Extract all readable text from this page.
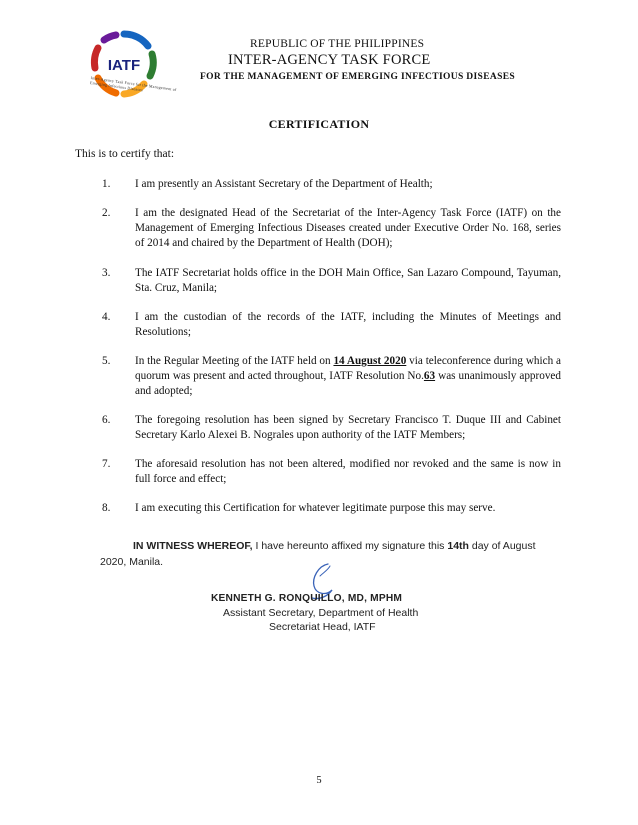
IATF
Inter-Agency Task Force for the Management of Emerging Infectious Diseases
REPUBLIC OF THE PHILIPPINES
INTER-AGENCY TASK FORCE
FOR THE MANAGEMENT OF EMERGING INFECTIOUS DISEASES
CERTIFICATION
This is to certify that:
1. I am presently an Assistant Secretary of the Department of Health;
2. I am the designated Head of the Secretariat of the Inter-Agency Task Force (IATF) on the Management of Emerging Infectious Diseases created under Executive Order No. 168, series of 2014 and chaired by the Department of Health (DOH);
3. The IATF Secretariat holds office in the DOH Main Office, San Lazaro Compound, Tayuman, Sta. Cruz, Manila;
4. I am the custodian of the records of the IATF, including the Minutes of Meetings and Resolutions;
5. In the Regular Meeting of the IATF held on 14 August 2020 via teleconference during which a quorum was present and acted throughout, IATF Resolution No.63 was unanimously approved and adopted;
6. The foregoing resolution has been signed by Secretary Francisco T. Duque III and Cabinet Secretary Karlo Alexei B. Nograles upon authority of the IATF Members;
7. The aforesaid resolution has not been altered, modified nor revoked and the same is now in full force and effect;
8. I am executing this Certification for whatever legitimate purpose this may serve.
IN WITNESS WHEREOF, I have hereunto affixed my signature this 14th day of August 2020, Manila.
KENNETH G. RONQUILLO, MD, MPHM
Assistant Secretary, Department of Health
Secretariat Head, IATF
5
